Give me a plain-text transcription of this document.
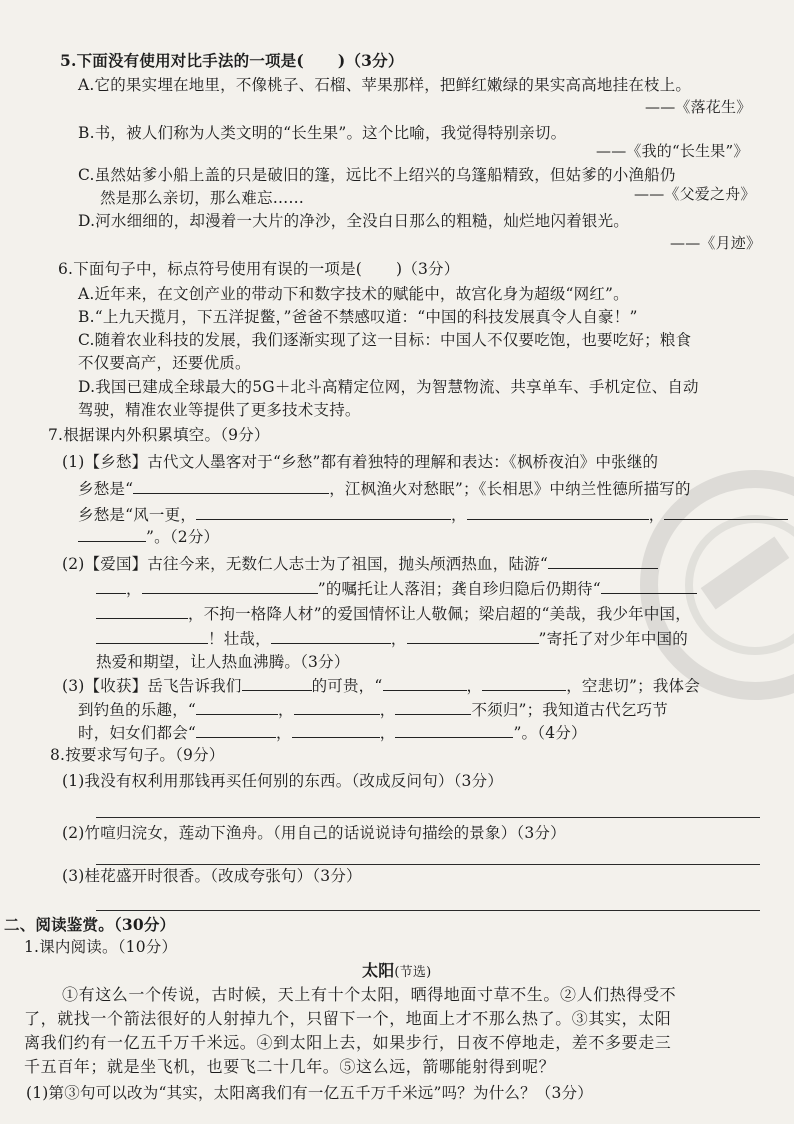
5.下面没有使用对比手法的一项是( )（3分）
A.它的果实埋在地里，不像桃子、石榴、苹果那样，把鲜红嫩绿的果实高高地挂在枝上。
——《落花生》
B.书，被人们称为人类文明的“长生果”。这个比喻，我觉得特别亲切。
——《我的“长生果”》
C.虽然姑爹小船上盖的只是破旧的篷，远比不上绍兴的乌篷船精致，但姑爹的小渔船仍
然是那么亲切，那么难忘……	——《父爱之舟》
D.河水细细的，却漫着一大片的净沙，全没白日那么的粗糙，灿烂地闪着银光。
——《月迹》
6.下面句子中，标点符号使用有误的一项是( )（3分）
A.近年来，在文创产业的带动下和数字技术的赋能中，故宫化身为超级“网红”。
B.“上九天揽月，下五洋捉鳖，”爸爸不禁感叹道：“中国的科技发展真令人自豪！”
C.随着农业科技的发展，我们逐渐实现了这一目标：中国人不仅要吃饱，也要吃好；粮食
不仅要高产，还要优质。
D.我国已建成全球最大的5G＋北斗高精定位网，为智慧物流、共享单车、手机定位、自动
驾驶，精准农业等提供了更多技术支持。
7.根据课内外积累填空。（9分）
(1)【乡愁】古代文人墨客对于“乡愁”都有着独特的理解和表达：《枫桥夜泊》中张继的
乡愁是“	，江枫渔火对愁眠”；《长相思》中纳兰性德所描写的
乡愁是“风一更，	，	，
”。（2分）
(2)【爱国】古往今来，无数仁人志士为了祖国，抛头颅洒热血，陆游“
，	”的嘱托让人落泪；龚自珍归隐后仍期待“
，不拘一格降人材”的爱国情怀让人敬佩；梁启超的“美哉，我少年中国，
！壮哉，	，	”寄托了对少年中国的
热爱和期望，让人热血沸腾。（3分）
(3)【收获】岳飞告诉我们	的可贵，“	，	，空悲切”；我体会
到钓鱼的乐趣，“	，	，	不须归”；我知道古代乞巧节
时，妇女们都会“	，	，	”。（4分）
8.按要求写句子。（9分）
(1)我没有权利用那钱再买任何别的东西。（改成反问句）（3分）
(2)竹喧归浣女，莲动下渔舟。（用自己的话说说诗句描绘的景象）（3分）
(3)桂花盛开时很香。（改成夸张句）（3分）
二、阅读鉴赏。（30分）
1.课内阅读。（10分）
太阳(节选)
①有这么一个传说，古时候，天上有十个太阳，晒得地面寸草不生。②人们热得受不
了，就找一个箭法很好的人射掉九个，只留下一个，地面上才不那么热了。③其实，太阳
离我们约有一亿五千万千米远。④到太阳上去，如果步行，日夜不停地走，差不多要走三
千五百年；就是坐飞机，也要飞二十几年。⑤这么远，箭哪能射得到呢？
(1)第③句可以改为“其实，太阳离我们有一亿五千万千米远”吗？为什么？（3分）
